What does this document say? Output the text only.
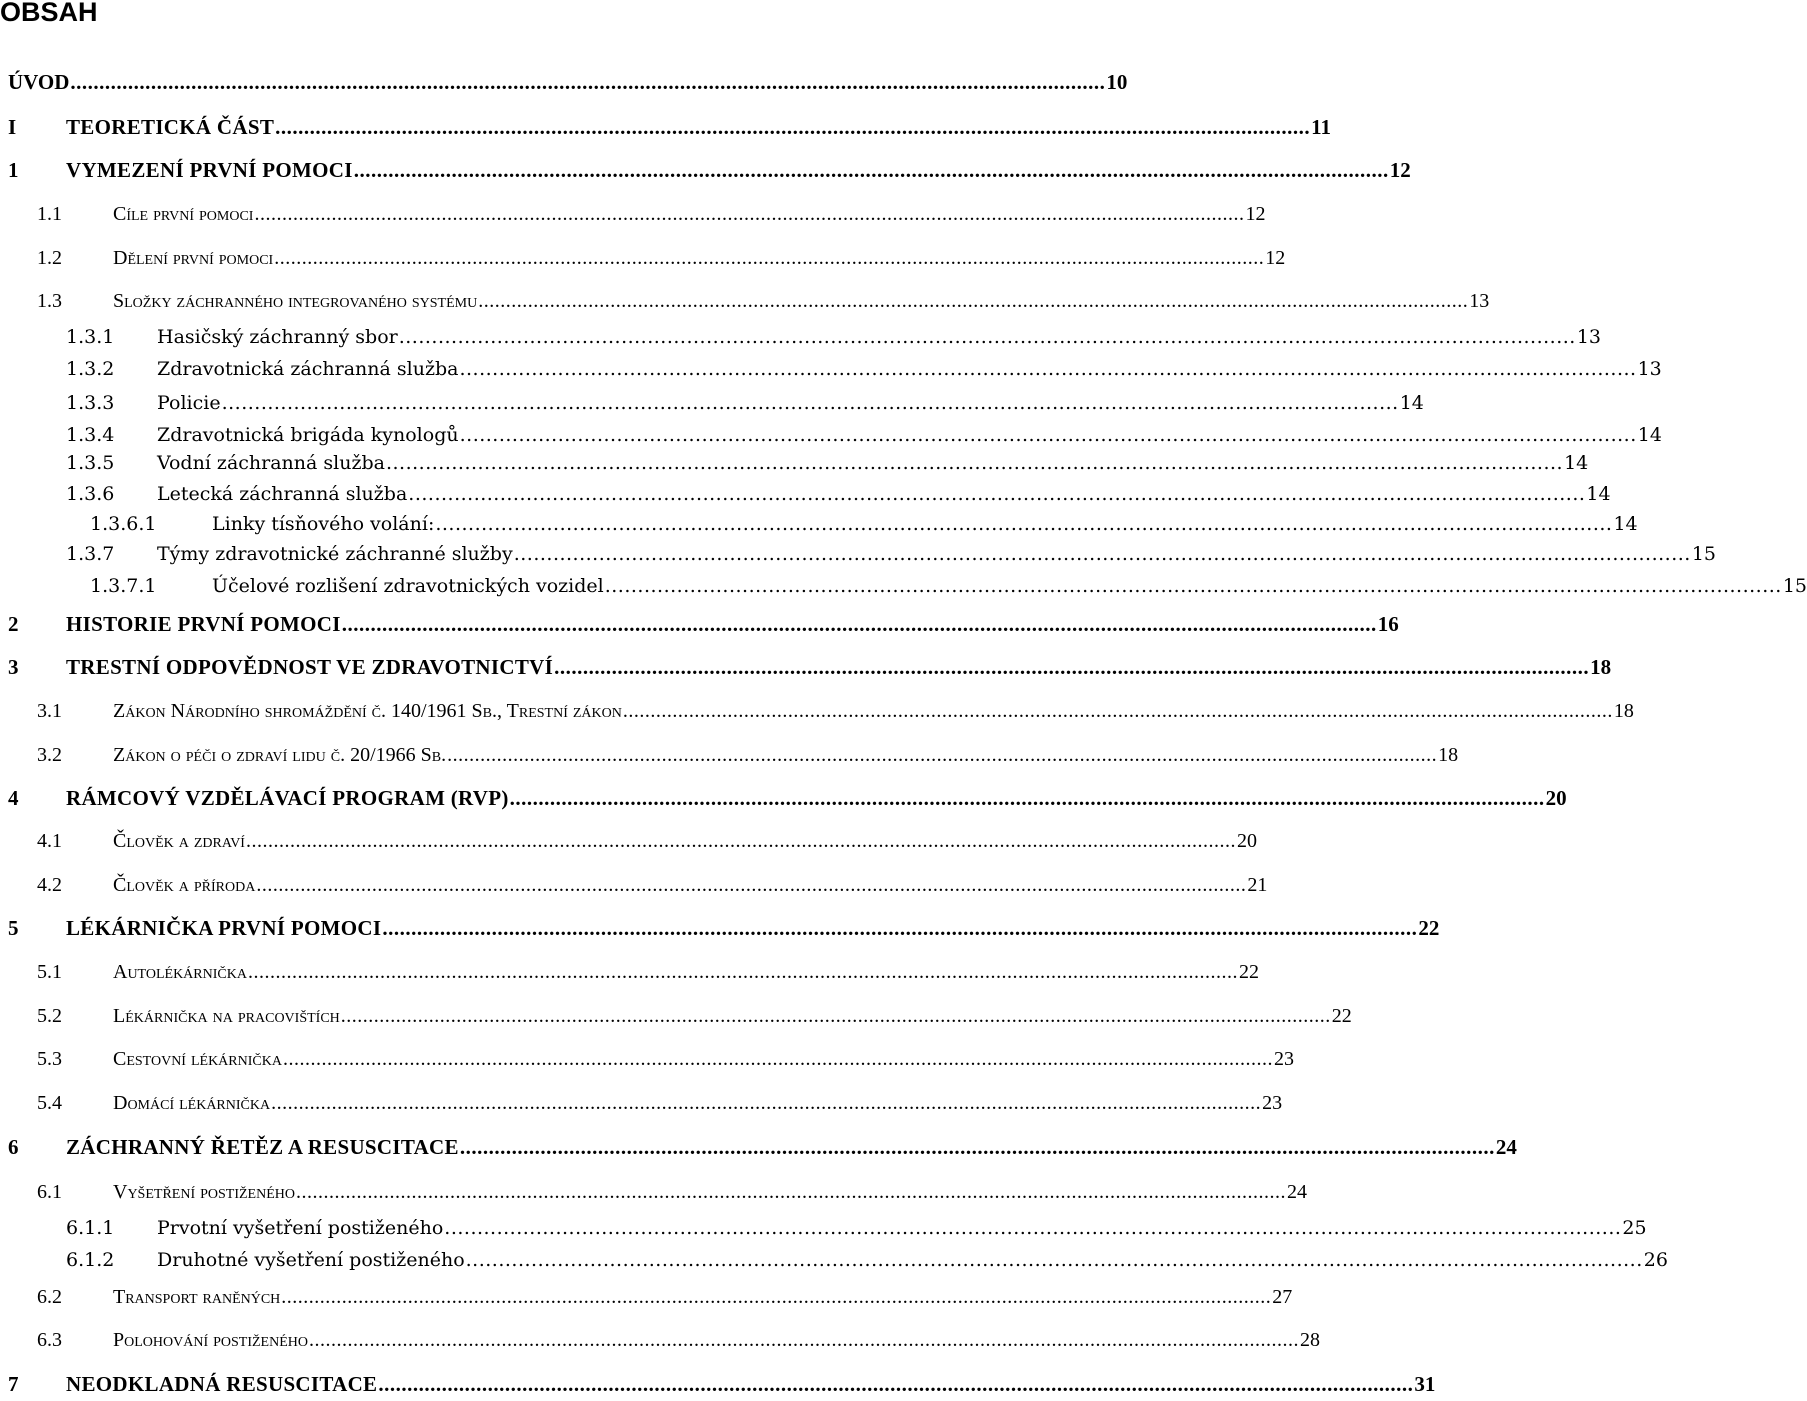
OBSAH
ÚVOD .................................................................................................................................................................................... 10
I TEORETICKÁ ČÁST .................................................................................................................................................................................... 11
1 VYMEZENÍ PRVNÍ POMOCI .................................................................................................................................................................................... 12
1.1	Cíle první pomoci .................................................................................................................................................................................... 12
1.2	Dělení první pomoci .................................................................................................................................................................................... 12
1.3	Složky záchranného integrovaného systému .................................................................................................................................................................................... 13
1.3.1 Hasičský záchranný sbor .................................................................................................................................................................................... 13
1.3.2 Zdravotnická záchranná služba .................................................................................................................................................................................... 13
1.3.3 Policie .................................................................................................................................................................................... 14
1.3.4 Zdravotnická brigáda kynologů .................................................................................................................................................................................... 14
1.3.5 Vodní záchranná služba .................................................................................................................................................................................... 14
1.3.6 Letecká záchranná služba .................................................................................................................................................................................... 14
1.3.6.1	Linky tísňového volání: .................................................................................................................................................................................... 14
1.3.7 Týmy zdravotnické záchranné služby .................................................................................................................................................................................... 15
1.3.7.1	Účelové rozlišení zdravotnických vozidel .................................................................................................................................................................................... 15
2 HISTORIE PRVNÍ POMOCI .................................................................................................................................................................................... 16
3 TRESTNÍ ODPOVĚDNOST VE ZDRAVOTNICTVÍ .................................................................................................................................................................................... 18
3.1	Zákon Národního shromáždění č. 140/1961 Sb., Trestní zákon .................................................................................................................................................................................... 18
3.2	Zákon o péči o zdraví lidu č. 20/1966 Sb. .................................................................................................................................................................................... 18
4 RÁMCOVÝ VZDĚLÁVACÍ PROGRAM (RVP) .................................................................................................................................................................................... 20
4.1	Člověk a zdraví .................................................................................................................................................................................... 20
4.2	Člověk a příroda .................................................................................................................................................................................... 21
5 LÉKÁRNIČKA PRVNÍ POMOCI .................................................................................................................................................................................... 22
5.1	Autolékárnička .................................................................................................................................................................................... 22
5.2	Lékárnička na pracovištích .................................................................................................................................................................................... 22
5.3	Cestovní lékárnička .................................................................................................................................................................................... 23
5.4	Domácí lékárnička .................................................................................................................................................................................... 23
6 ZÁCHRANNÝ ŘETĚZ A RESUSCITACE .................................................................................................................................................................................... 24
6.1	Vyšetření postiženého .................................................................................................................................................................................... 24
6.1.1 Prvotní vyšetření postiženého .................................................................................................................................................................................... 25
6.1.2 Druhotné vyšetření postiženého .................................................................................................................................................................................... 26
6.2	Transport raněných .................................................................................................................................................................................... 27
6.3	Polohování postiženého .................................................................................................................................................................................... 28
7 NEODKLADNÁ RESUSCITACE .................................................................................................................................................................................... 31
